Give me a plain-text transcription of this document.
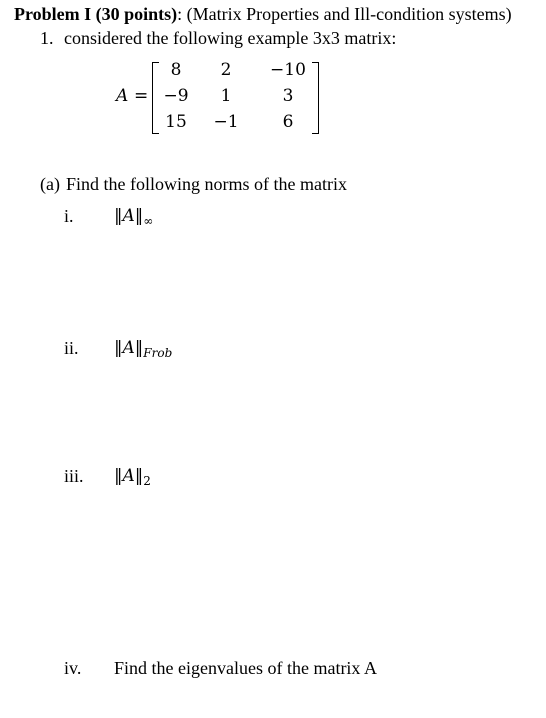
Problem I (30 points): (Matrix Properties and Ill-condition systems)
1. considered the following example 3x3 matrix:
A =
8	2	−10
−9	1	3
15	−1	6
(a) Find the following norms of the matrix
i. $‖A‖_\infty$
ii. $‖A‖_{Frob}$
iii. $‖A‖_2$
iv. Find the eigenvalues of the matrix A
